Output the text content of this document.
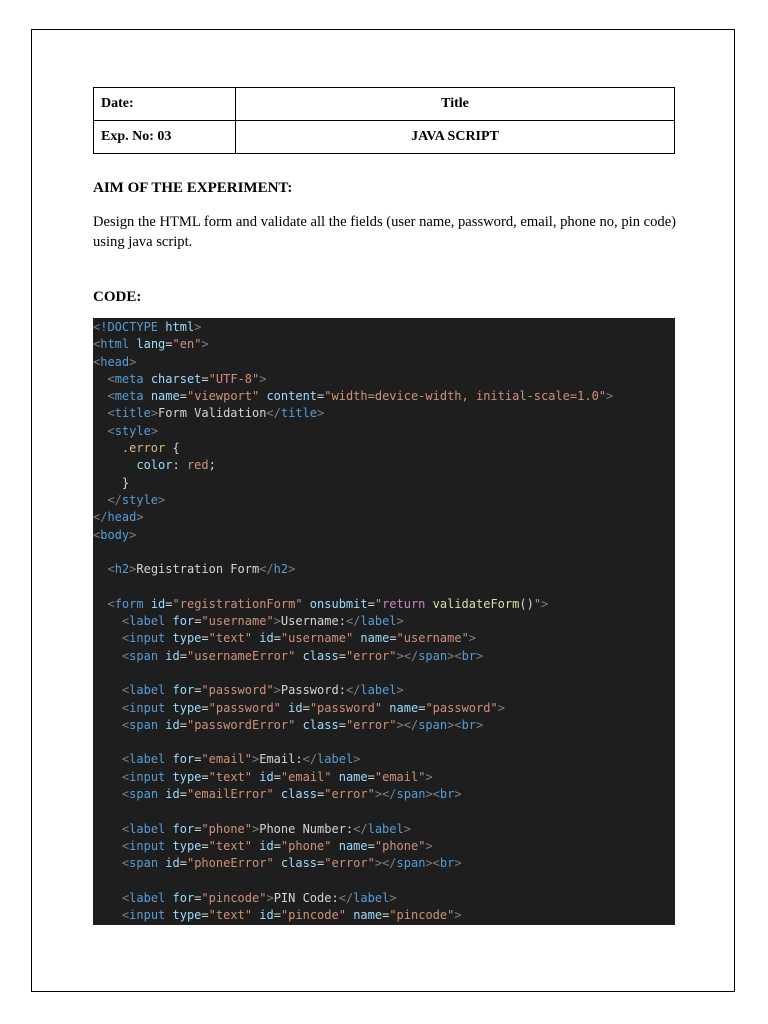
Date:	Title
Exp. No: 03	JAVA SCRIPT
AIM OF THE EXPERIMENT:
Design the HTML form and validate all the fields (user name, password, email, phone no, pin code) using java script.
CODE:
<!DOCTYPE html>
<html lang="en">
<head>
<meta charset="UTF-8">
<meta name="viewport" content="width=device-width, initial-scale=1.0">
<title>Form Validation</title>
<style>
.error {
color: red;
}
</style>
</head>
<body>

<h2>Registration Form</h2>

<form id="registrationForm" onsubmit="return validateForm()">
<label for="username">Username:</label>
<input type="text" id="username" name="username">
<span id="usernameError" class="error"></span><br>

<label for="password">Password:</label>
<input type="password" id="password" name="password">
<span id="passwordError" class="error"></span><br>

<label for="email">Email:</label>
<input type="text" id="email" name="email">
<span id="emailError" class="error"></span><br>

<label for="phone">Phone Number:</label>
<input type="text" id="phone" name="phone">
<span id="phoneError" class="error"></span><br>

<label for="pincode">PIN Code:</label>
<input type="text" id="pincode" name="pincode">
